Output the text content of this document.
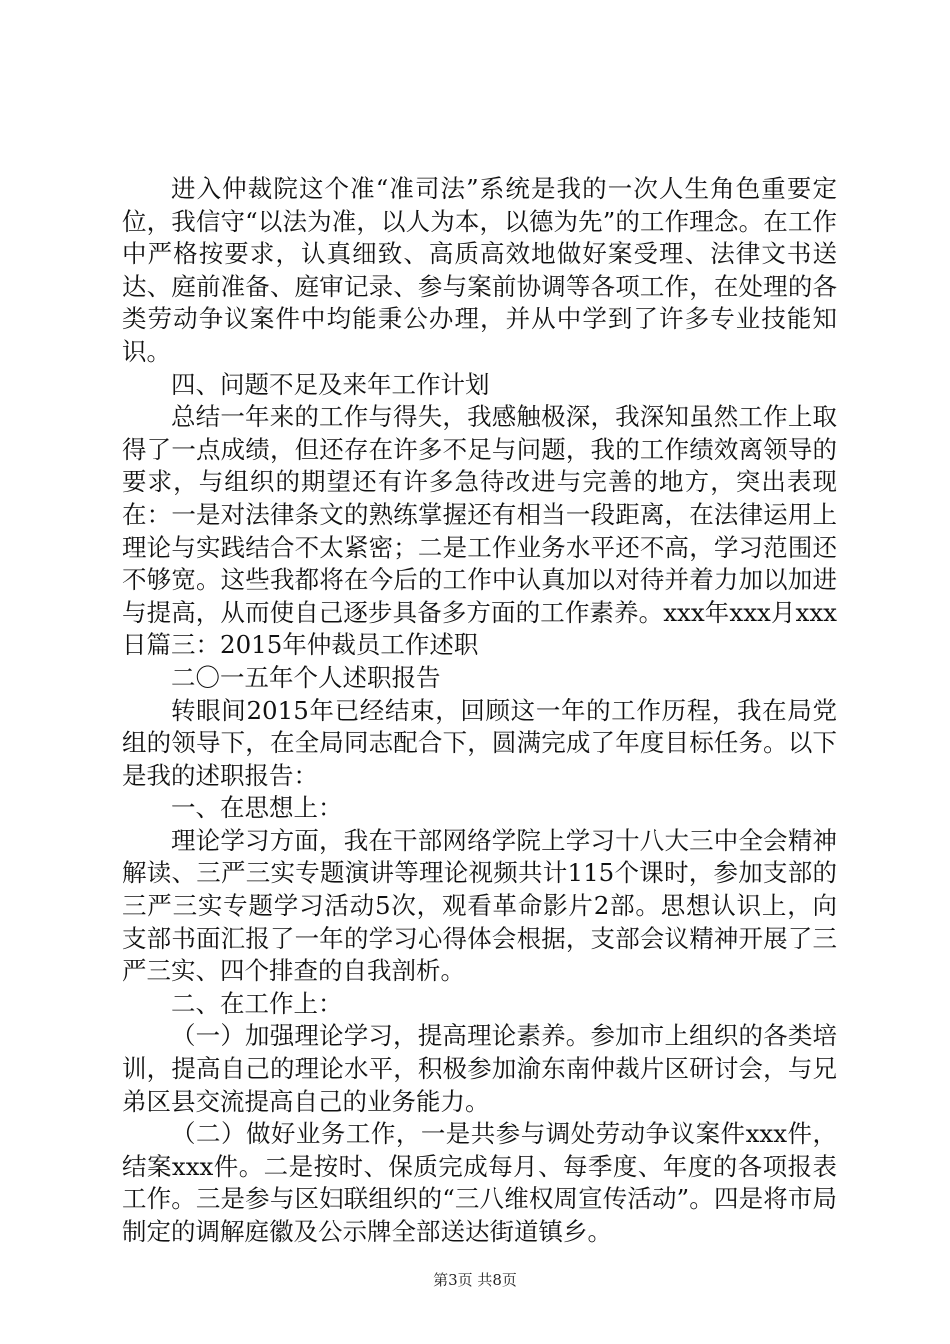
进入仲裁院这个准“准司法”系统是我的一次人生角色重要定位，我信守“以法为准，以人为本，以德为先”的工作理念。在工作中严格按要求，认真细致、高质高效地做好案受理、法律文书送达、庭前准备、庭审记录、参与案前协调等各项工作，在处理的各类劳动争议案件中均能秉公办理，并从中学到了许多专业技能知识。

四、问题不足及来年工作计划

总结一年来的工作与得失，我感触极深，我深知虽然工作上取得了一点成绩，但还存在许多不足与问题，我的工作绩效离领导的要求，与组织的期望还有许多急待改进与完善的地方，突出表现在：一是对法律条文的熟练掌握还有相当一段距离，在法律运用上理论与实践结合不太紧密；二是工作业务水平还不高，学习范围还不够宽。这些我都将在今后的工作中认真加以对待并着力加以加进与提高，从而使自己逐步具备多方面的工作素养。xxx年xxx月xxx日篇三：2015年仲裁员工作述职

二〇一五年个人述职报告

转眼间2015年已经结束，回顾这一年的工作历程，我在局党组的领导下，在全局同志配合下，圆满完成了年度目标任务。以下是我的述职报告：

一、在思想上：

理论学习方面，我在干部网络学院上学习十八大三中全会精神解读、三严三实专题演讲等理论视频共计115个课时，参加支部的三严三实专题学习活动5次，观看革命影片2部。思想认识上，向支部书面汇报了一年的学习心得体会根据，支部会议精神开展了三严三实、四个排查的自我剖析。

二、在工作上：

（一）加强理论学习，提高理论素养。参加市上组织的各类培训，提高自己的理论水平，积极参加渝东南仲裁片区研讨会，与兄弟区县交流提高自己的业务能力。

（二）做好业务工作，一是共参与调处劳动争议案件xxx件，结案xxx件。二是按时、保质完成每月、每季度、年度的各项报表工作。三是参与区妇联组织的“三八维权周宣传活动”。四是将市局制定的调解庭徽及公示牌全部送达街道镇乡。

第3页 共8页
